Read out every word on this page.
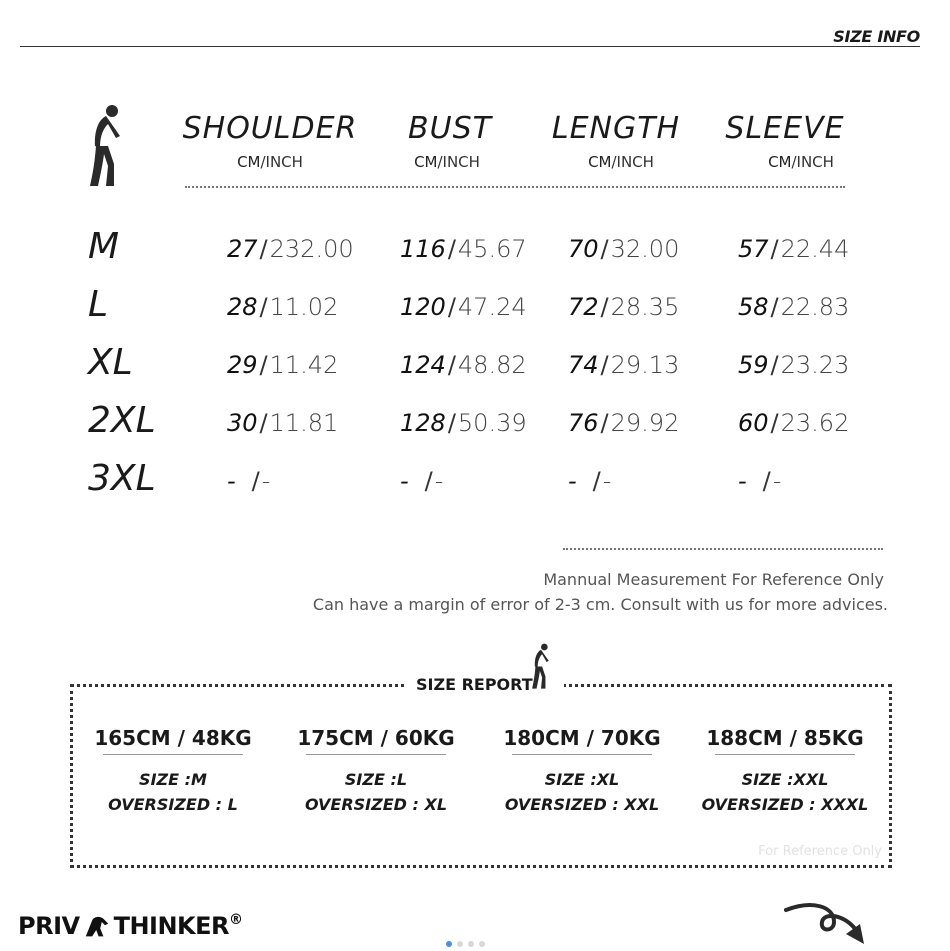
SIZE INFO
SHOULDER	BUST	LENGTH	SLEEVE
CM/INCH	CM/INCH	CM/INCH	CM/INCH
M	27/232.00	116/45.67	70/32.00	57/22.44
L	28/11.02	120/47.24	72/28.35	58/22.83
XL	29/11.42	124/48.82	74/29.13	59/23.23
2XL	30/11.81	128/50.39	76/29.92	60/23.62
3XL	- /-	- /-	- /-	- /-
Mannual Measurement For Reference Only
Can have a margin of error of 2-3 cm. Consult with us for more advices.
SIZE REPORT
165CM / 48KG
SIZE :M
OVERSIZED : L
175CM / 60KG
SIZE :L
OVERSIZED : XL
180CM / 70KG
SIZE :XL
OVERSIZED : XXL
188CM / 85KG
SIZE :XXL
OVERSIZED : XXXL
For Reference Only
PRIV THINKER®
